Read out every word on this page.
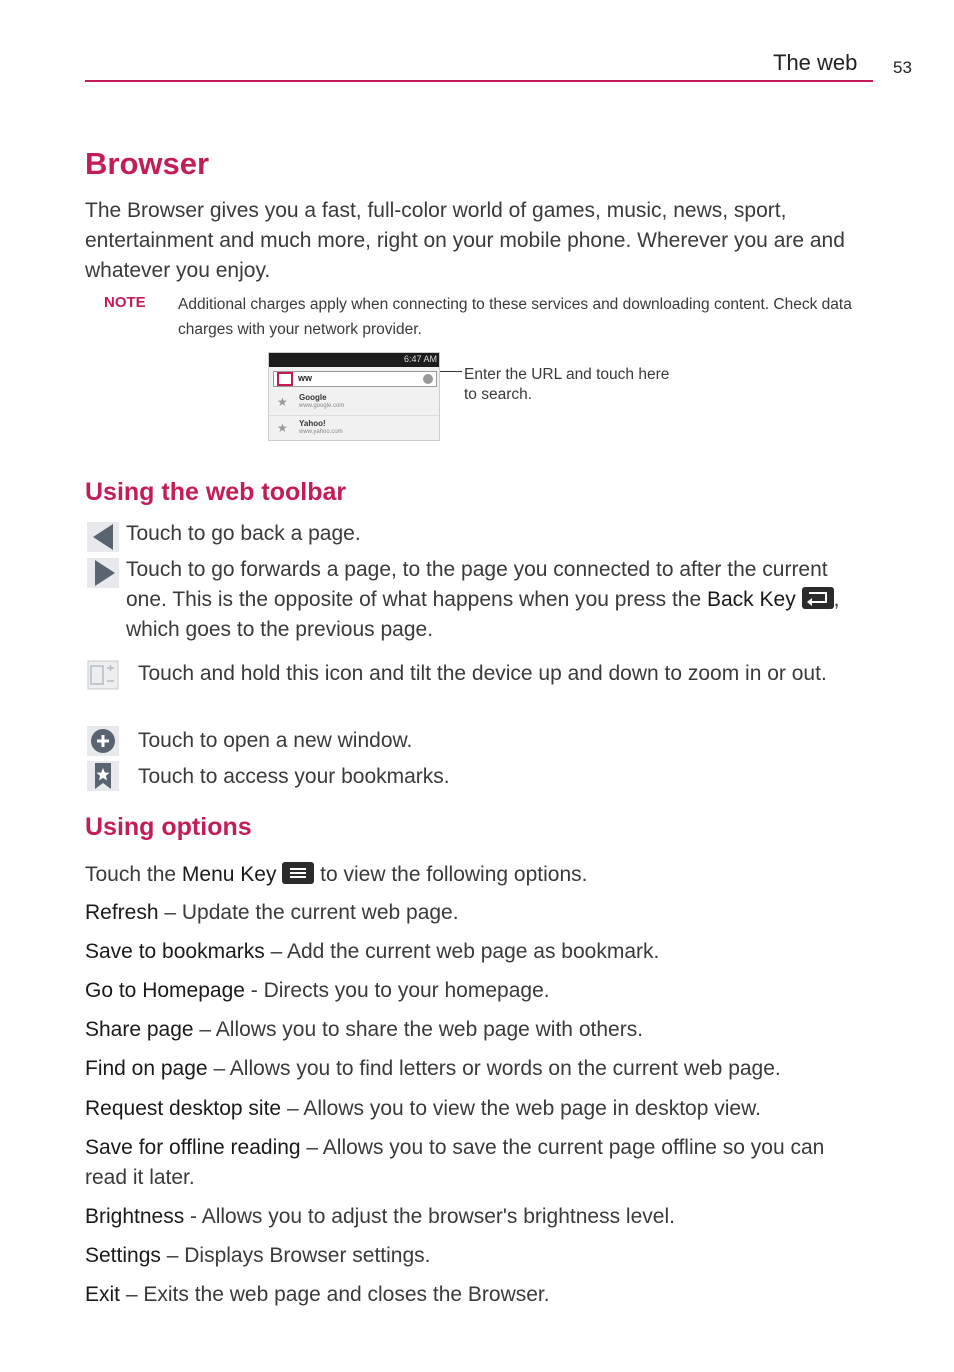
The web 53
Browser
The Browser gives you a fast, full-color world of games, music, news, sport, entertainment and much more, right on your mobile phone. Wherever you are and whatever you enjoy.
NOTE Additional charges apply when connecting to these services and downloading content. Check data charges with your network provider.
6:47 AM
ww
★ Google
www.google.com
★ Yahoo!
www.yahoo.com
Enter the URL and touch here to search.
Using the web toolbar
Touch to go back a page.
Touch to go forwards a page, to the page you connected to after the current one. This is the opposite of what happens when you press the Back Key , which goes to the previous page.
Touch and hold this icon and tilt the device up and down to zoom in or out.
Touch to open a new window.
Touch to access your bookmarks.
Using options
Touch the Menu Key
to view the following options.
Refresh – Update the current web page.
Save to bookmarks – Add the current web page as bookmark.
Go to Homepage - Directs you to your homepage.
Share page – Allows you to share the web page with others.
Find on page – Allows you to find letters or words on the current web page.
Request desktop site – Allows you to view the web page in desktop view.
Save for offline reading – Allows you to save the current page offline so you can read it later.
Brightness - Allows you to adjust the browser's brightness level.
Settings – Displays Browser settings.
Exit – Exits the web page and closes the Browser.
